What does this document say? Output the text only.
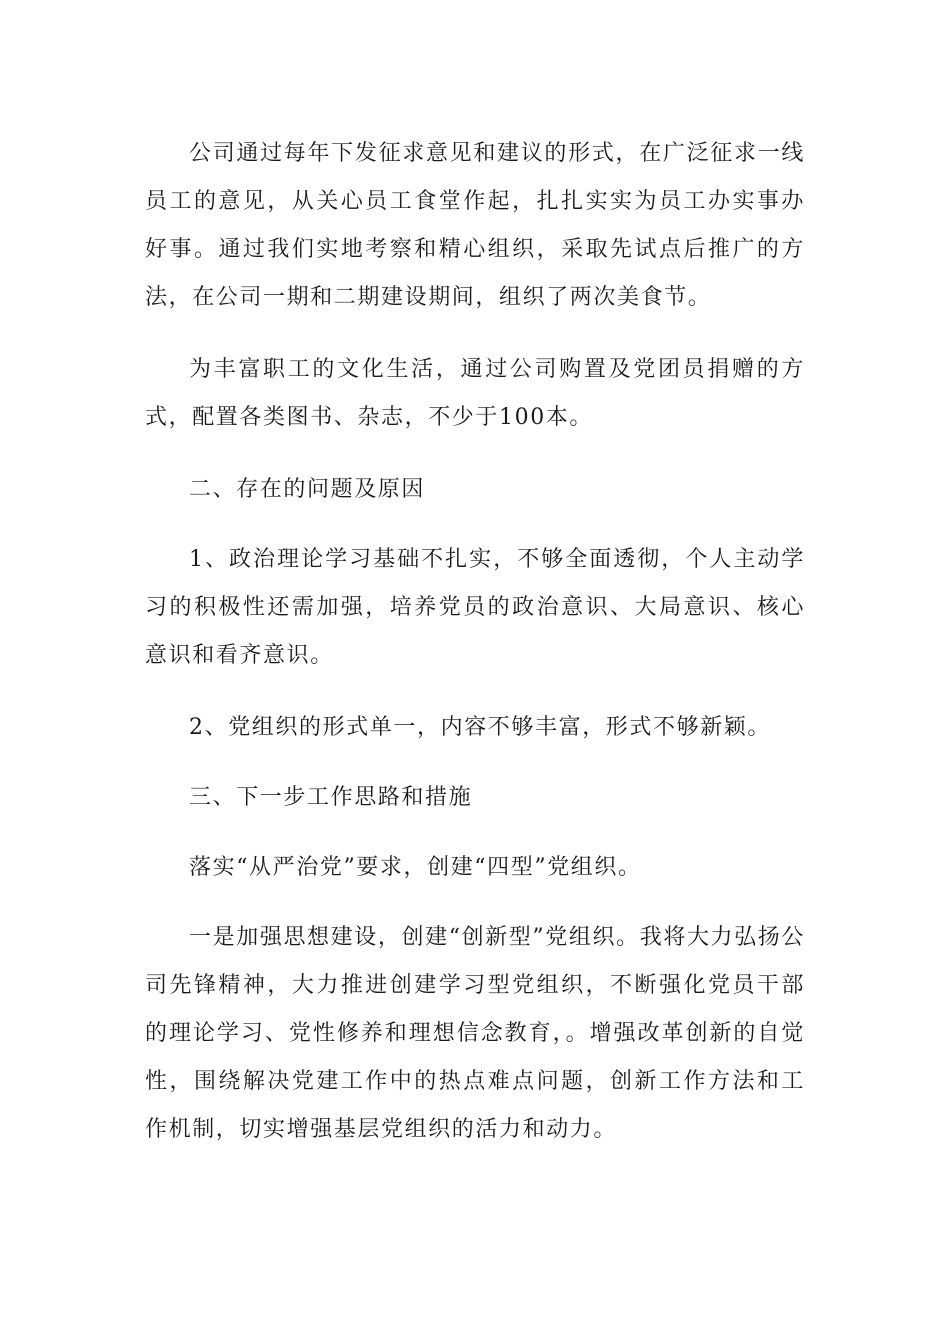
公司通过每年下发征求意见和建议的形式，在广泛征求一线员工的意见，从关心员工食堂作起，扎扎实实为员工办实事办好事。通过我们实地考察和精心组织，采取先试点后推广的方法，在公司一期和二期建设期间，组织了两次美食节。

为丰富职工的文化生活，通过公司购置及党团员捐赠的方式，配置各类图书、杂志，不少于100本。

二、存在的问题及原因

1、政治理论学习基础不扎实，不够全面透彻，个人主动学习的积极性还需加强，培养党员的政治意识、大局意识、核心意识和看齐意识。

2、党组织的形式单一，内容不够丰富，形式不够新颖。

三、下一步工作思路和措施

落实“从严治党”要求，创建“四型”党组织。

一是加强思想建设，创建“创新型”党组织。我将大力弘扬公司先锋精神，大力推进创建学习型党组织，不断强化党员干部的理论学习、党性修养和理想信念教育，。增强改革创新的自觉性，围绕解决党建工作中的热点难点问题，创新工作方法和工作机制，切实增强基层党组织的活力和动力。
